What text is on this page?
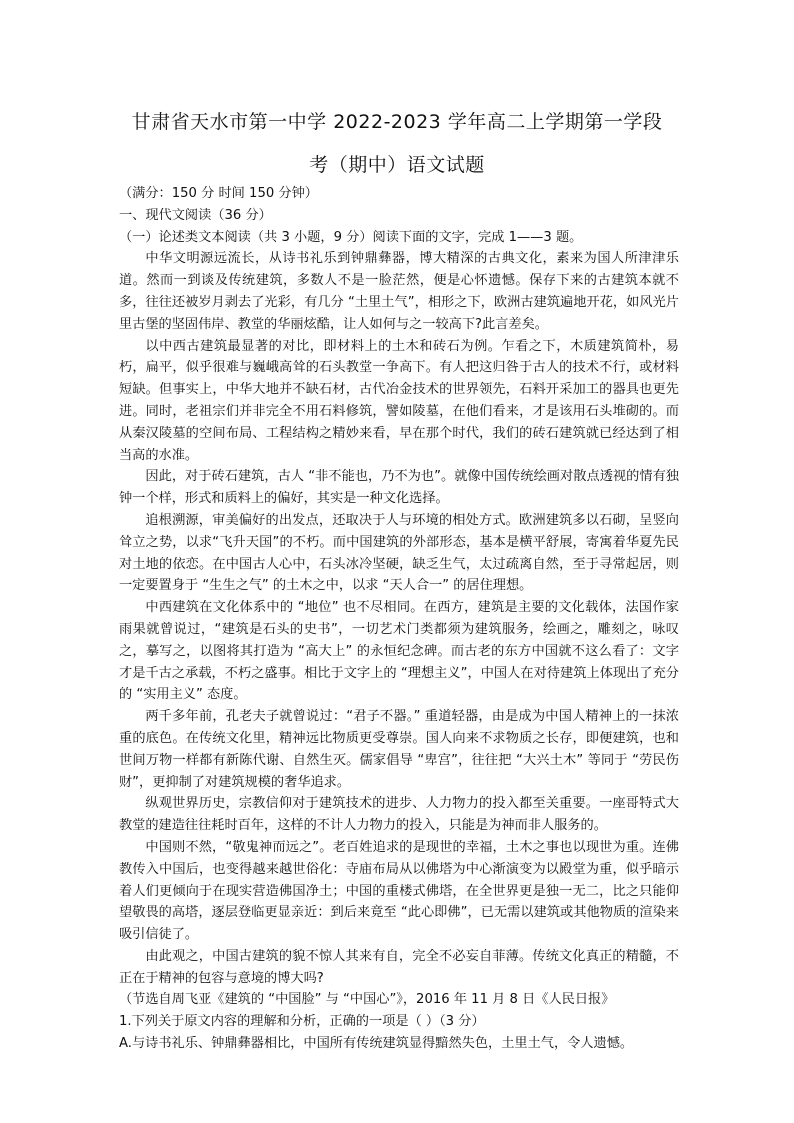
甘肃省天水市第一中学 2022-2023 学年高二上学期第一学段
考（期中）语文试题

（满分：150 分 时间 150 分钟）

一、现代文阅读（36 分）

（一）论述类文本阅读（共 3 小题，9 分）阅读下面的文字，完成 1——3 题。

中华文明源远流长，从诗书礼乐到钟鼎彝器，博大精深的古典文化，素来为国人所津津乐道。然而一到谈及传统建筑，多数人不是一脸茫然，便是心怀遗憾。保存下来的古建筑本就不多，往往还被岁月剥去了光彩，有几分 “土里土气”，相形之下，欧洲古建筑遍地开花，如风光片里古堡的坚固伟岸、教堂的华丽炫酷，让人如何与之一较高下?此言差矣。

以中西古建筑最显著的对比，即材料上的土木和砖石为例。乍看之下，木质建筑简朴，易朽，扁平，似乎很难与巍峨高耸的石头教堂一争高下。有人把这归咎于古人的技术不行，或材料短缺。但事实上，中华大地并不缺石材，古代冶金技术的世界领先，石料开采加工的器具也更先进。同时，老祖宗们并非完全不用石料修筑，譬如陵墓，在他们看来，才是该用石头堆砌的。而从秦汉陵墓的空间布局、工程结构之精妙来看，早在那个时代，我们的砖石建筑就已经达到了相当高的水准。

因此，对于砖石建筑，古人 “非不能也，乃不为也”。就像中国传统绘画对散点透视的情有独钟一个样，形式和质料上的偏好，其实是一种文化选择。

追根溯源，审美偏好的出发点，还取决于人与环境的相处方式。欧洲建筑多以石砌，呈竖向耸立之势，以求“飞升天国”的不朽。而中国建筑的外部形态，基本是横平舒展，寄寓着华夏先民对土地的依恋。在中国古人心中，石头冰冷坚硬，缺乏生气，太过疏离自然，至于寻常起居，则一定要置身于 “生生之气” 的土木之中，以求 “天人合一” 的居住理想。

中西建筑在文化体系中的 “地位” 也不尽相同。在西方，建筑是主要的文化载体，法国作家雨果就曾说过，“建筑是石头的史书”，一切艺术门类都须为建筑服务，绘画之，雕刻之，咏叹之，摹写之，以图将其打造为 “高大上” 的永恒纪念碑。而古老的东方中国就不这么看了：文字才是千古之承载，不朽之盛事。相比于文字上的 “理想主义”，中国人在对待建筑上体现出了充分的 “实用主义” 态度。

两千多年前，孔老夫子就曾说过：“君子不器。” 重道轻器，由是成为中国人精神上的一抹浓重的底色。在传统文化里，精神远比物质更受尊崇。国人向来不求物质之长存，即便建筑，也和世间万物一样都有新陈代谢、自然生灭。儒家倡导 “卑宫”，往往把 “大兴土木” 等同于 “劳民伤财”，更抑制了对建筑规模的奢华追求。

纵观世界历史，宗教信仰对于建筑技术的进步、人力物力的投入都至关重要。一座哥特式大教堂的建造往往耗时百年，这样的不计人力物力的投入，只能是为神而非人服务的。

中国则不然，“敬鬼神而远之”。老百姓追求的是现世的幸福，土木之事也以现世为重。连佛教传入中国后，也变得越来越世俗化：寺庙布局从以佛塔为中心渐演变为以殿堂为重，似乎暗示着人们更倾向于在现实营造佛国净土；中国的重楼式佛塔，在全世界更是独一无二，比之只能仰望敬畏的高塔，逐层登临更显亲近：到后来竟至 “此心即佛”，已无需以建筑或其他物质的渲染来吸引信徒了。

由此观之，中国古建筑的貌不惊人其来有自，完全不必妄自菲薄。传统文化真正的精髓，不正在于精神的包容与意境的博大吗?

（节选自周飞亚《建筑的 “中国脸” 与 “中国心”》，2016 年 11 月 8 日《人民日报》

1.下列关于原文内容的理解和分析，正确的一项是（ ）（3 分）

A.与诗书礼乐、钟鼎彝器相比，中国所有传统建筑显得黯然失色，土里土气，令人遗憾。
